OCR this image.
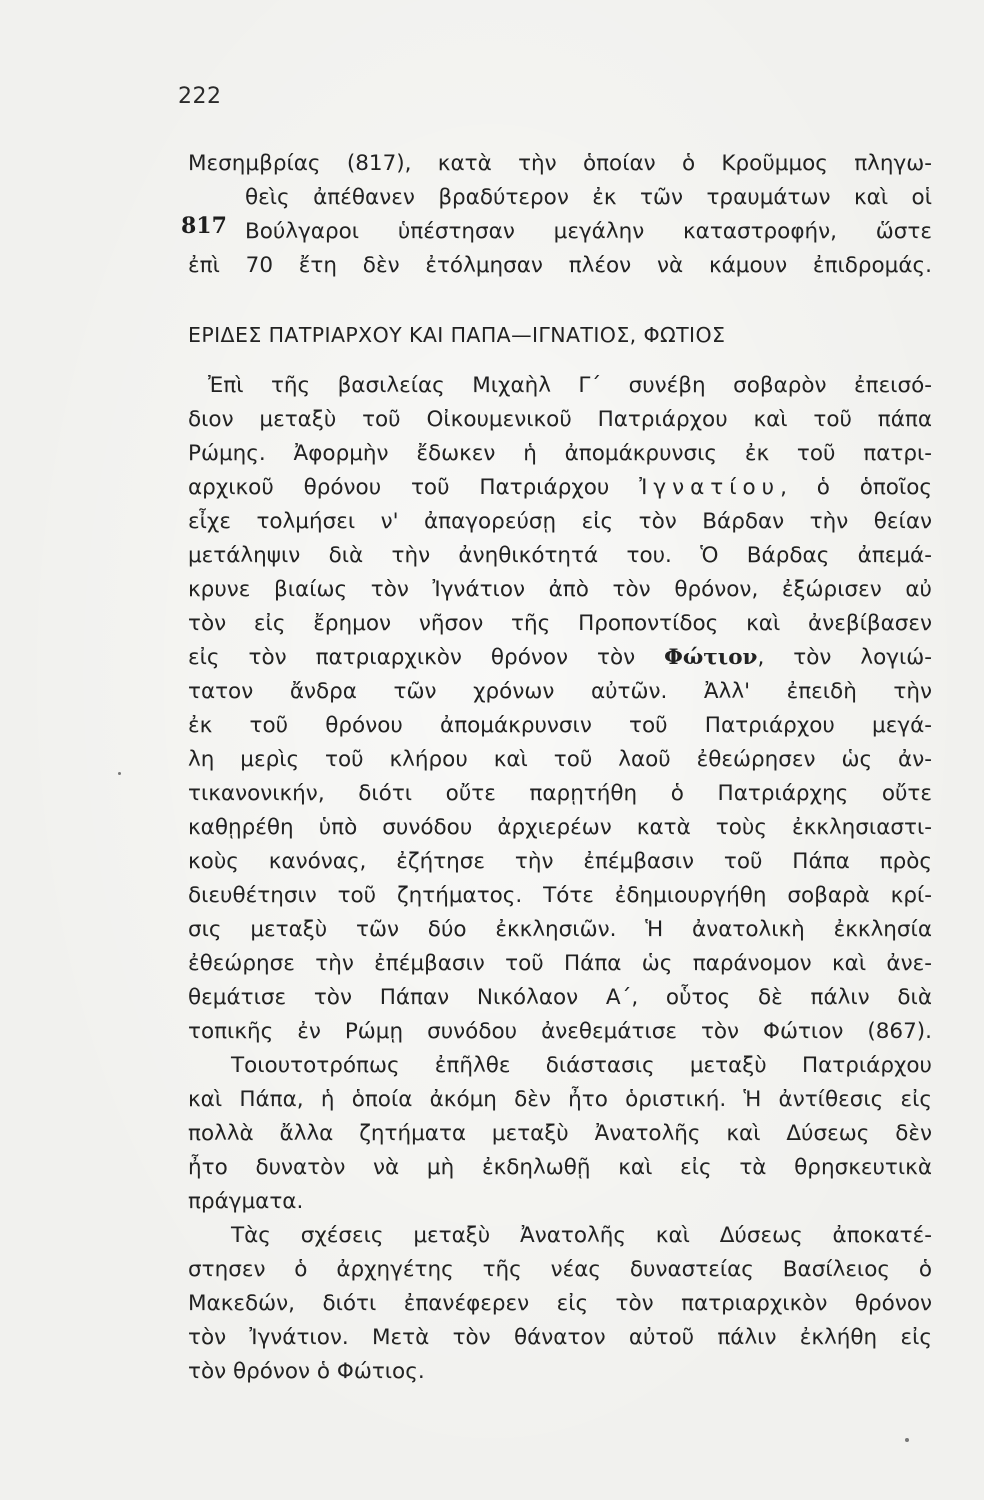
222
817
Μεσημβρίας (817), κατὰ τὴν ὁποίαν ὁ Κροῦμμος πληγω-
θεὶς ἀπέθανεν βραδύτερον ἐκ τῶν τραυμάτων καὶ οἱ
Βούλγαροι ὑπέστησαν μεγάλην καταστροφήν, ὥστε
ἐπὶ 70 ἔτη δὲν ἐτόλμησαν πλέον νὰ κάμουν ἐπιδρομάς.
ΕΡΙΔΕΣ ΠΑΤΡΙΑΡΧΟΥ ΚΑΙ ΠΑΠΑ—ΙΓΝΑΤΙΟΣ, ΦΩΤΙΟΣ
Ἐπὶ τῆς βασιλείας Μιχαὴλ Γ΄ συνέβη σοβαρὸν ἐπεισό-
διον μεταξὺ τοῦ Οἰκουμενικοῦ Πατριάρχου καὶ τοῦ πάπα
Ρώμης. Ἀφορμὴν ἔδωκεν ἡ ἀπομάκρυνσις ἐκ τοῦ πατρι-
αρχικοῦ θρόνου τοῦ Πατριάρχου Ἰγνατίου, ὁ ὁποῖος
εἶχε τολμήσει ν' ἀπαγορεύσῃ εἰς τὸν Βάρδαν τὴν θείαν
μετάληψιν διὰ τὴν ἀνηθικότητά του. Ὁ Βάρδας ἀπεμά-
κρυνε βιαίως τὸν Ἰγνάτιον ἀπὸ τὸν θρόνον, ἐξώρισεν αὐ
τὸν εἰς ἔρημον νῆσον τῆς Προποντίδος καὶ ἀνεβίβασεν
εἰς τὸν πατριαρχικὸν θρόνον τὸν Φώτιον, τὸν λογιώ-
τατον ἄνδρα τῶν χρόνων αὐτῶν. Ἀλλ' ἐπειδὴ τὴν
ἐκ τοῦ θρόνου ἀπομάκρυνσιν τοῦ Πατριάρχου μεγά-
λη μερὶς τοῦ κλήρου καὶ τοῦ λαοῦ ἐθεώρησεν ὡς ἀν-
τικανονικήν, διότι οὔτε παρῃτήθη ὁ Πατριάρχης οὔτε
καθῃρέθη ὑπὸ συνόδου ἀρχιερέων κατὰ τοὺς ἐκκλησιαστι-
κοὺς κανόνας, ἐζήτησε τὴν ἐπέμβασιν τοῦ Πάπα πρὸς
διευθέτησιν τοῦ ζητήματος. Τότε ἐδημιουργήθη σοβαρὰ κρί-
σις μεταξὺ τῶν δύο ἐκκλησιῶν. Ἡ ἀνατολικὴ ἐκκλησία
ἐθεώρησε τὴν ἐπέμβασιν τοῦ Πάπα ὡς παράνομον καὶ ἀνε-
θεμάτισε τὸν Πάπαν Νικόλαον Α΄, οὗτος δὲ πάλιν διὰ
τοπικῆς ἐν Ρώμῃ συνόδου ἀνεθεμάτισε τὸν Φώτιον (867).
Τοιουτοτρόπως ἐπῆλθε διάστασις μεταξὺ Πατριάρχου
καὶ Πάπα, ἡ ὁποία ἀκόμη δὲν ἦτο ὁριστική. Ἡ ἀντίθεσις εἰς
πολλὰ ἄλλα ζητήματα μεταξὺ Ἀνατολῆς καὶ Δύσεως δὲν
ἦτο δυνατὸν νὰ μὴ ἐκδηλωθῇ καὶ εἰς τὰ θρησκευτικὰ
πράγματα.
Τὰς σχέσεις μεταξὺ Ἀνατολῆς καὶ Δύσεως ἀποκατέ-
στησεν ὁ ἀρχηγέτης τῆς νέας δυναστείας Βασίλειος ὁ
Μακεδών, διότι ἐπανέφερεν εἰς τὸν πατριαρχικὸν θρόνον
τὸν Ἰγνάτιον. Μετὰ τὸν θάνατον αὐτοῦ πάλιν ἐκλήθη εἰς
τὸν θρόνον ὁ Φώτιος.
